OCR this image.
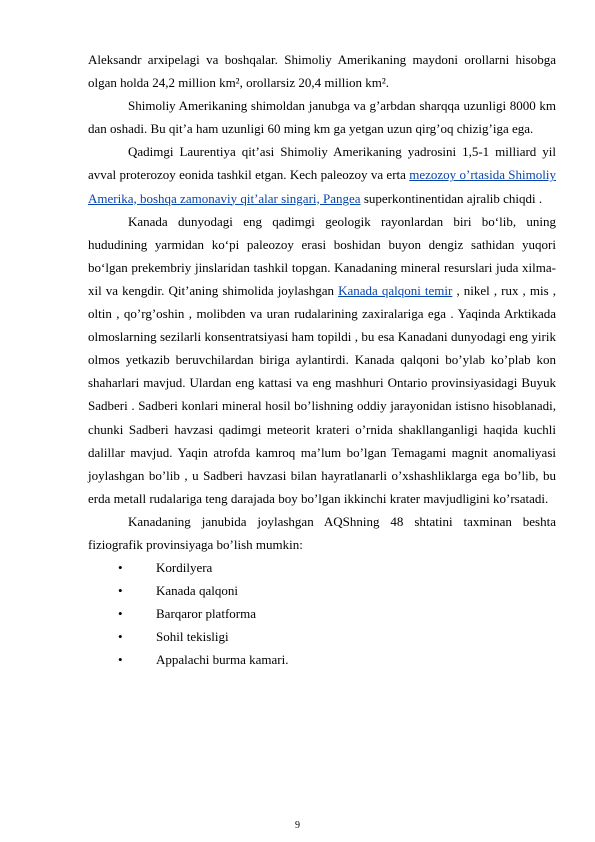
Aleksandr arxipelagi va boshqalar. Shimoliy Amerikaning maydoni orollarni hisobga olgan holda 24,2 million km², orollarsiz 20,4 million km².

Shimoliy Amerikaning shimoldan janubga va g’arbdan sharqqa uzunligi 8000 km dan oshadi. Bu qit’a ham uzunligi 60 ming km ga yetgan uzun qirg’oq chizig’iga ega.

Qadimgi Laurentiya qit’asi Shimoliy Amerikaning yadrosini 1,5-1 milliard yil avval proterozoy eonida tashkil etgan. Kech paleozoy va erta mezozoy o’rtasida Shimoliy Amerika, boshqa zamonaviy qit’alar singari, Pangea superkontinentidan ajralib chiqdi .

Kanada dunyodagi eng qadimgi geologik rayonlardan biri bo‘lib, uning hududining yarmidan ko‘pi paleozoy erasi boshidan buyon dengiz sathidan yuqori bo‘lgan prekembriy jinslaridan tashkil topgan. Kanadaning mineral resurslari juda xilma-xil va kengdir. Qit’aning shimolida joylashgan Kanada qalqoni temir , nikel , rux , mis , oltin , qo’rg’oshin , molibden va uran rudalarining zaxiralariga ega . Yaqinda Arktikada olmoslarning sezilarli konsentratsiyasi ham topildi , bu esa Kanadani dunyodagi eng yirik olmos yetkazib beruvchilardan biriga aylantirdi. Kanada qalqoni bo’ylab ko’plab kon shaharlari mavjud. Ulardan eng kattasi va eng mashhuri Ontario provinsiyasidagi Buyuk Sadberi . Sadberi konlari mineral hosil bo’lishning oddiy jarayonidan istisno hisoblanadi, chunki Sadberi havzasi qadimgi meteorit krateri o’rnida shakllanganligi haqida kuchli dalillar mavjud. Yaqin atrofda kamroq ma’lum bo’lgan Temagami magnit anomaliyasi joylashgan bo’lib , u Sadberi havzasi bilan hayratlanarli o’xshashliklarga ega bo’lib, bu erda metall rudalariga teng darajada boy bo’lgan ikkinchi krater mavjudligini ko’rsatadi.

Kanadaning janubida joylashgan AQShning 48 shtatini taxminan beshta fiziografik provinsiyaga bo’lish mumkin:

•	Kordilyera
•	Kanada qalqoni
•	Barqaror platforma
•	Sohil tekisligi
•	Appalachi burma kamari.
9
